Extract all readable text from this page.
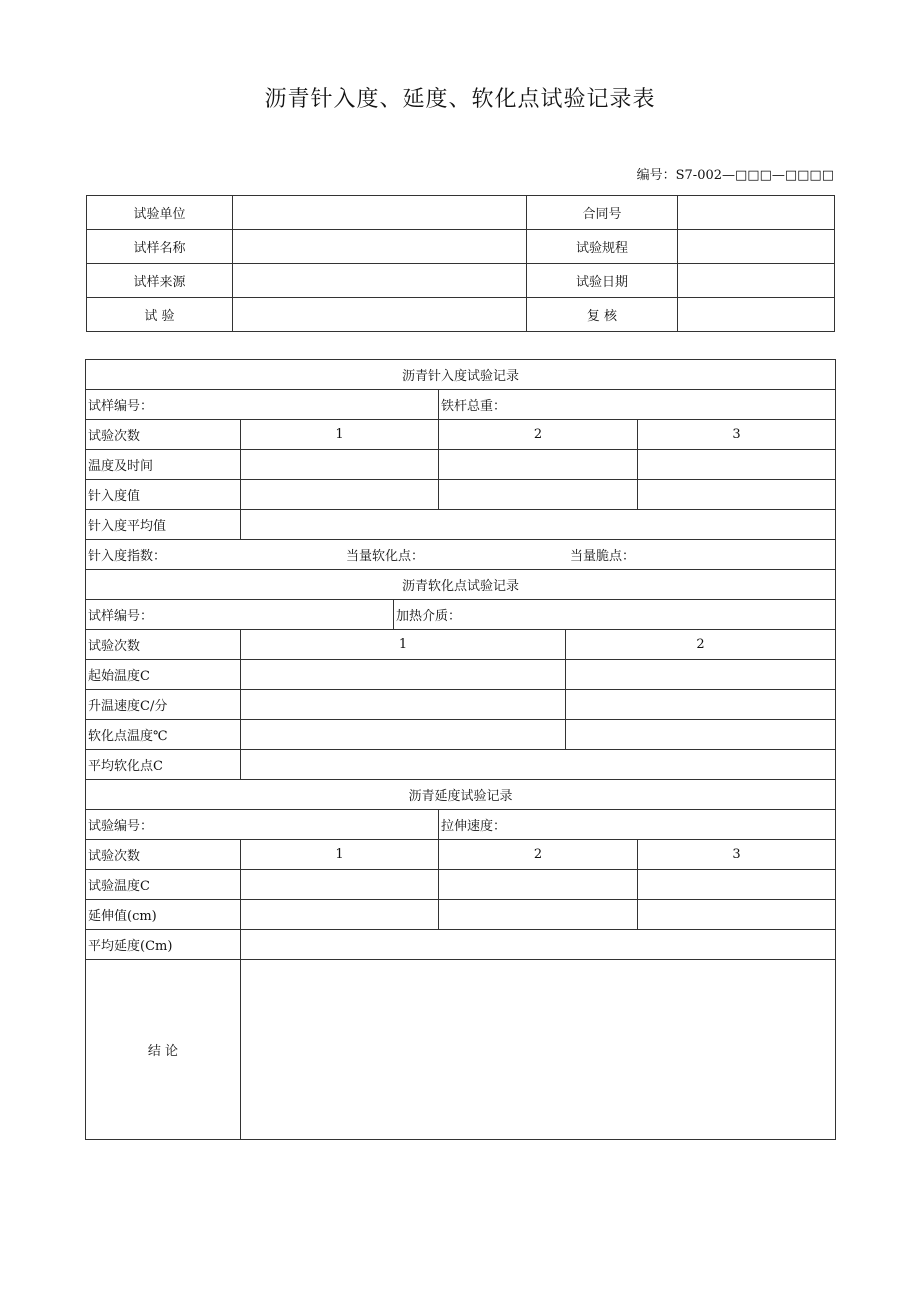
沥青针入度、延度、软化点试验记录表
编号：S7-002—□□□—□□□□
试验单位		合同号	
试样名称		试验规程	
试样来源		试验日期	
试 验		复 核	
沥青针入度试验记录					
试样编号：			铁杆总重：		
试验次数	1		2		3
温度及时间					
针入度值					
针入度平均值					
针入度指数： 当量软化点： 当量脆点：					
沥青软化点试验记录					
试样编号：		加热介质：			
试验次数	1			2	
起始温度C					
升温速度C/分					
软化点温度℃					
平均软化点C					
沥青延度试验记录					
试验编号：			拉伸速度：		
试验次数	1		2		3
试验温度C					
延伸值(cm)					
平均延度(Cm)					
结 论					
